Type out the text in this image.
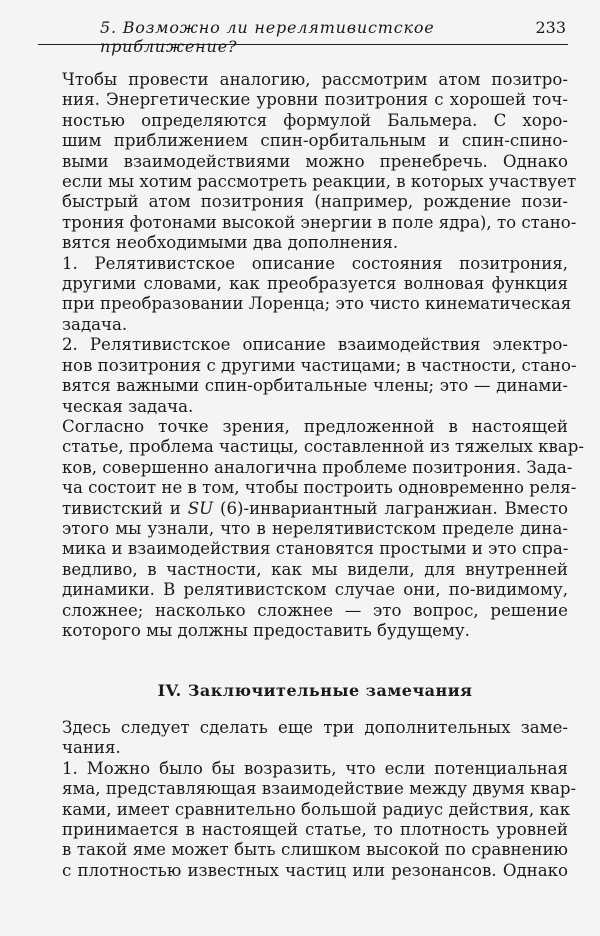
5. Возможно ли нерелятивистское приближение?
233
Чтобы провести аналогию, рассмотрим атом позитро-
ния. Энергетические уровни позитрония с хорошей точ-
ностью определяются формулой Бальмера. С хоро-
шим приближением спин-орбитальным и спин-спино-
выми взаимодействиями можно пренебречь. Однако
если мы хотим рассмотреть реакции, в которых участвует
быстрый атом позитрония (например, рождение пози-
трония фотонами высокой энергии в поле ядра), то стано-
вятся необходимыми два дополнения.
1. Релятивистское описание состояния позитрония,
другими словами, как преобразуется волновая функция
при преобразовании Лоренца; это чисто кинематическая
задача.
2. Релятивистское описание взаимодействия электро-
нов позитрония с другими частицами; в частности, стано-
вятся важными спин-орбитальные члены; это — динами-
ческая задача.
Согласно точке зрения, предложенной в настоящей
статье, проблема частицы, составленной из тяжелых квар-
ков, совершенно аналогична проблеме позитрония. Зада-
ча состоит не в том, чтобы построить одновременно реля-
тивистский и SU (6)-инвариантный лагранжиан. Вместо
этого мы узнали, что в нерелятивистском пределе дина-
мика и взаимодействия становятся простыми и это спра-
ведливо, в частности, как мы видели, для внутренней
динамики. В релятивистском случае они, по-видимому,
сложнее; насколько сложнее — это вопрос, решение
которого мы должны предоставить будущему.
IV. Заключительные замечания
Здесь следует сделать еще три дополнительных заме-
чания.
1. Можно было бы возразить, что если потенциальная
яма, представляющая взаимодействие между двумя квар-
ками, имеет сравнительно большой радиус действия, как
принимается в настоящей статье, то плотность уровней
в такой яме может быть слишком высокой по сравнению
с плотностью известных частиц или резонансов. Однако
